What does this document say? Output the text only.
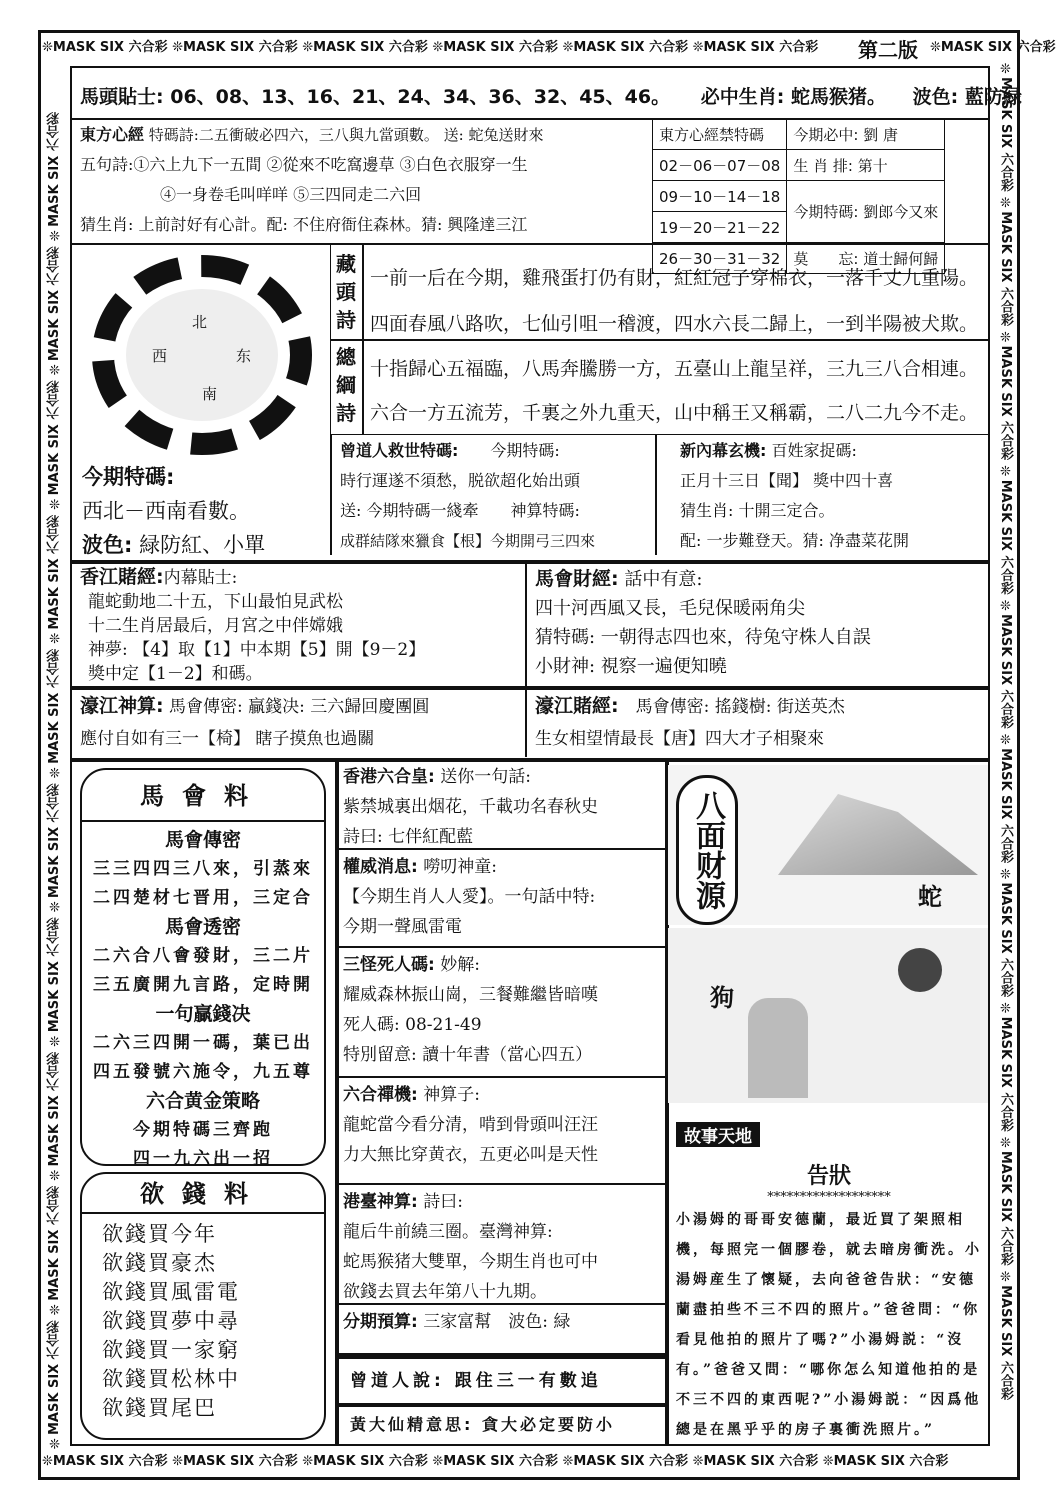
❊MASK SIX 六合彩 ❊MASK SIX 六合彩 ❊MASK SIX 六合彩 ❊MASK SIX 六合彩 ❊MASK SIX 六合彩 ❊MASK SIX 六合彩	第二版 ❊MASK SIX 六合彩
❊MASK SIX 六合彩 ❊MASK SIX 六合彩 ❊MASK SIX 六合彩 ❊MASK SIX 六合彩 ❊MASK SIX 六合彩 ❊MASK SIX 六合彩 ❊MASK SIX 六合彩 ❊MASK SIX 六合彩 ❊MASK SIX 六合彩 ❊MASK SIX 六合彩	❊MASK SIX 六合彩 ❊MASK SIX 六合彩 ❊MASK SIX 六合彩 ❊MASK SIX 六合彩 ❊MASK SIX 六合彩 ❊MASK SIX 六合彩 ❊MASK SIX 六合彩 ❊MASK SIX 六合彩 ❊MASK SIX 六合彩 ❊MASK SIX 六合彩
❊MASK SIX 六合彩 ❊MASK SIX 六合彩 ❊MASK SIX 六合彩 ❊MASK SIX 六合彩 ❊MASK SIX 六合彩 ❊MASK SIX 六合彩 ❊MASK SIX 六合彩
馬頭貼士: 06、08、13、16、21、24、34、36、32、45、46。 必中生肖: 蛇馬猴猪。 波色: 藍防緑
東方心經 特碼詩:二五衝破必四六，三八與九當頭數。 送: 蛇兔送財來
五句詩:①六上九下一五間 ②從來不吃窩邊草 ③白色衣服穿一生
④一身卷毛叫咩咩 ⑤三四同走二六回
猜生肖: 上前討好有心計。配: 不住府衙住森林。猜: 興隆達三江
東方心經禁特碼	今期必中: 劉 唐
02－06－07－08	生 肖 排: 第十
09－10－14－18	今期特碼: 劉郎今又來
19－20－21－22	
26－30－31－32	莫　　忘: 道士歸何歸
北
西	东
南
今期特碼:
西北－西南看數。
波色: 緑防紅、小單
藏頭詩
總綱詩
一前一后在今期，雞飛蛋打仍有財，紅紅冠子穿棉衣，一落千丈九重陽。
四面春風八路吹，七仙引咀一稽渡，四水六長二歸上，一到半陽被犬欺。
十指歸心五福臨，八馬奔騰勝一方，五臺山上龍呈祥，三九三八合相連。
六合一方五流芳，千裏之外九重天，山中稱王又稱霸，二八二九今不走。
曾道人救世特碼:　　 今期特碼:
時行運遂不須愁，脱欲超化始出頭
送: 今期特碼一綫牽　　 神算特碼:
成群結隊來獵食【根】今期開弓三四來
新內幕玄機: 百姓家捉碼:
正月十三日【聞】 獎中四十喜
猜生肖: 十開三定合。
配: 一步難登天。猜: 净盡菜花開
香江賭經:内幕貼士:
龍蛇動地二十五，下山最怕見武松
十二生肖居最后，月宮之中伴嫦娥
神夢: 【4】取【1】中本期【5】開【9－2】
獎中定【1－2】和碼。
馬會財經: 話中有意:
四十河西風又長，毛兒保暖兩角尖
猜特碼: 一朝得志四也來，待兔守株人自誤
小財神: 視察一遍便知曉
濠江神算: 馬會傳密: 贏錢决: 三六歸回慶團圓
應付自如有三一【椅】 瞎子摸魚也過關
濠江賭經:　 馬會傳密: 搖錢樹: 街送英杰
生女相望情最長【唐】四大才子相聚來
馬會料
馬會傳密
三三四四三八來，引蒸來
二四楚材七晋用，三定合
馬會透密
二六合八會發財，三二片
三五廣開九言路，定時開
一句贏錢决
二六三四開一碼，葉已出
四五發號六施令，九五尊
六合黄金策略
今期特碼三齊跑
四一九六出一招
欲錢料
欲錢買今年
欲錢買豪杰
欲錢買風雷電
欲錢買夢中尋
欲錢買一家窮
欲錢買松林中
欲錢買尾巴
香港六合皇: 送你一句話:
紫禁城裏出烟花，千載功名春秋史
詩曰: 七伴紅配藍
權威消息: 嘮叨神童:
【今期生肖人人愛】。一句話中特:
今期一聲風雷電
三怪死人碼: 妙解:
耀威森林振山崗，三餐難繼皆暗嘆
死人碼: 08-21-49
特別留意: 讀十年書（當心四五）
六合禪機: 神算子:
龍蛇當今看分清，啃到骨頭叫汪汪
力大無比穿黄衣，五更必叫是天性
港臺神算: 詩曰:
龍后牛前繞三圈。臺灣神算:
蛇馬猴猪大雙單，今期生肖也可中
欲錢去買去年第八十九期。
分期預算: 三家富幫　波色: 緑
曾道人說: 跟住三一有數追
黃大仙精意思: 貪大必定要防小
八面财源	蛇
狗
故事天地
告狀
*******************

小湯姆的哥哥安德蘭，最近買了架照相機，每照完一個膠卷，就去暗房衝洗。小湯姆産生了懷疑，去向爸爸告狀：“安德蘭盡拍些不三不四的照片。”爸爸問：“你看見他拍的照片了嗎?”小湯姆説：“沒有。”爸爸又問：“哪你怎么知道他拍的是不三不四的東西呢?”小湯姆説：“因爲他總是在黑乎乎的房子裏衝洗照片。”
